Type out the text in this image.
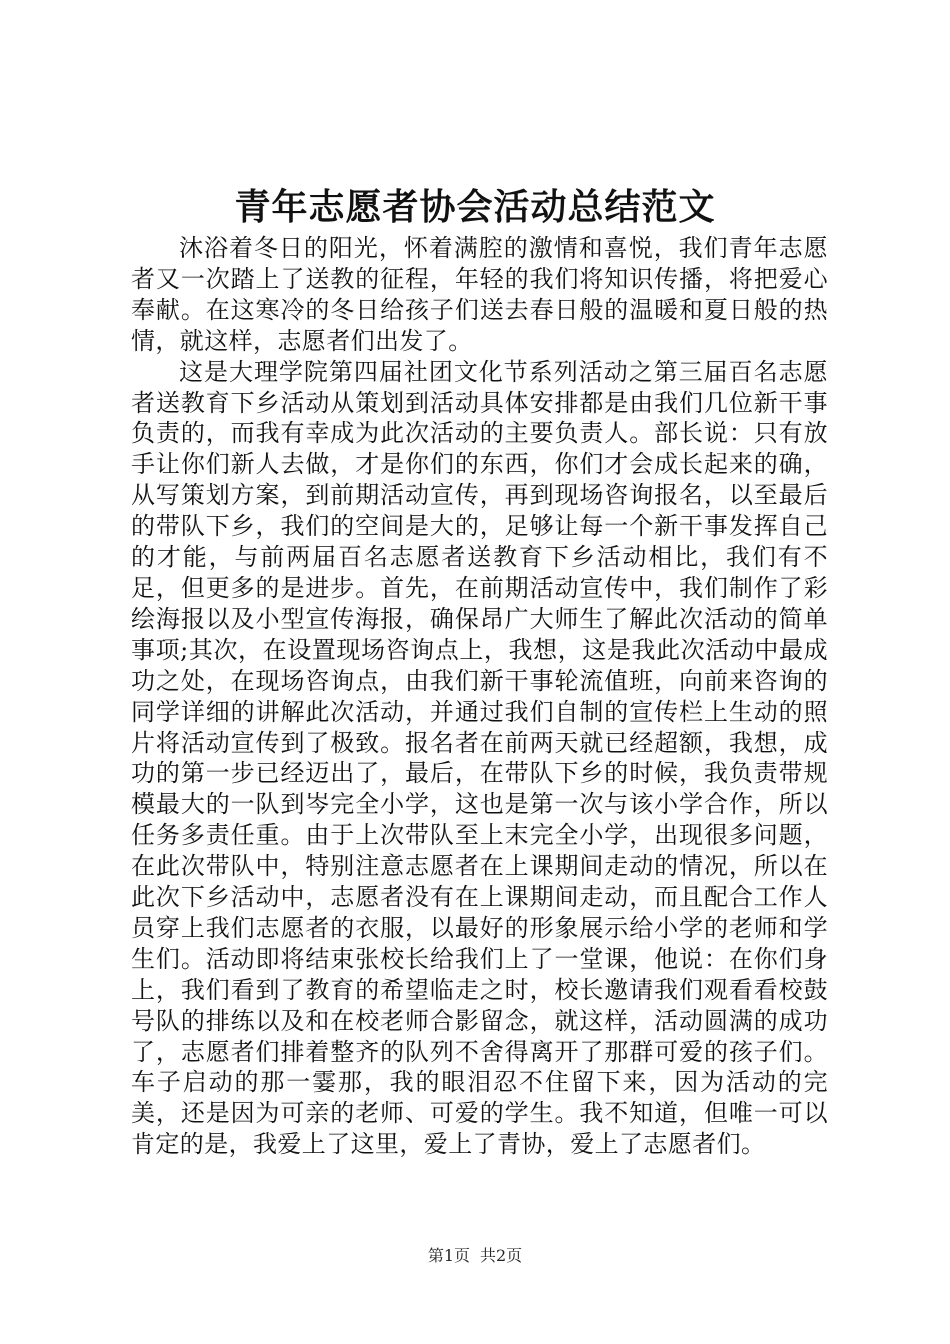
青年志愿者协会活动总结范文

沐浴着冬日的阳光，怀着满腔的激情和喜悦，我们青年志愿者又一次踏上了送教的征程，年轻的我们将知识传播，将把爱心奉献。在这寒冷的冬日给孩子们送去春日般的温暖和夏日般的热情，就这样，志愿者们出发了。

这是大理学院第四届社团文化节系列活动之第三届百名志愿者送教育下乡活动从策划到活动具体安排都是由我们几位新干事负责的，而我有幸成为此次活动的主要负责人。部长说：只有放手让你们新人去做，才是你们的东西，你们才会成长起来的确，从写策划方案，到前期活动宣传，再到现场咨询报名，以至最后的带队下乡，我们的空间是大的，足够让每一个新干事发挥自己的才能，与前两届百名志愿者送教育下乡活动相比，我们有不足，但更多的是进步。首先，在前期活动宣传中，我们制作了彩绘海报以及小型宣传海报，确保昂广大师生了解此次活动的简单事项;其次，在设置现场咨询点上，我想，这是我此次活动中最成功之处，在现场咨询点，由我们新干事轮流值班，向前来咨询的同学详细的讲解此次活动，并通过我们自制的宣传栏上生动的照片将活动宣传到了极致。报名者在前两天就已经超额，我想，成功的第一步已经迈出了，最后，在带队下乡的时候，我负责带规模最大的一队到岑完全小学，这也是第一次与该小学合作，所以任务多责任重。由于上次带队至上末完全小学，出现很多问题，在此次带队中，特别注意志愿者在上课期间走动的情况，所以在此次下乡活动中，志愿者没有在上课期间走动，而且配合工作人员穿上我们志愿者的衣服，以最好的形象展示给小学的老师和学生们。活动即将结束张校长给我们上了一堂课，他说：在你们身上，我们看到了教育的希望临走之时，校长邀请我们观看看校鼓号队的排练以及和在校老师合影留念，就这样，活动圆满的成功了，志愿者们排着整齐的队列不舍得离开了那群可爱的孩子们。车子启动的那一霎那，我的眼泪忍不住留下来，因为活动的完美，还是因为可亲的老师、可爱的学生。我不知道，但唯一可以肯定的是，我爱上了这里，爱上了青协，爱上了志愿者们。

第1页 共2页
